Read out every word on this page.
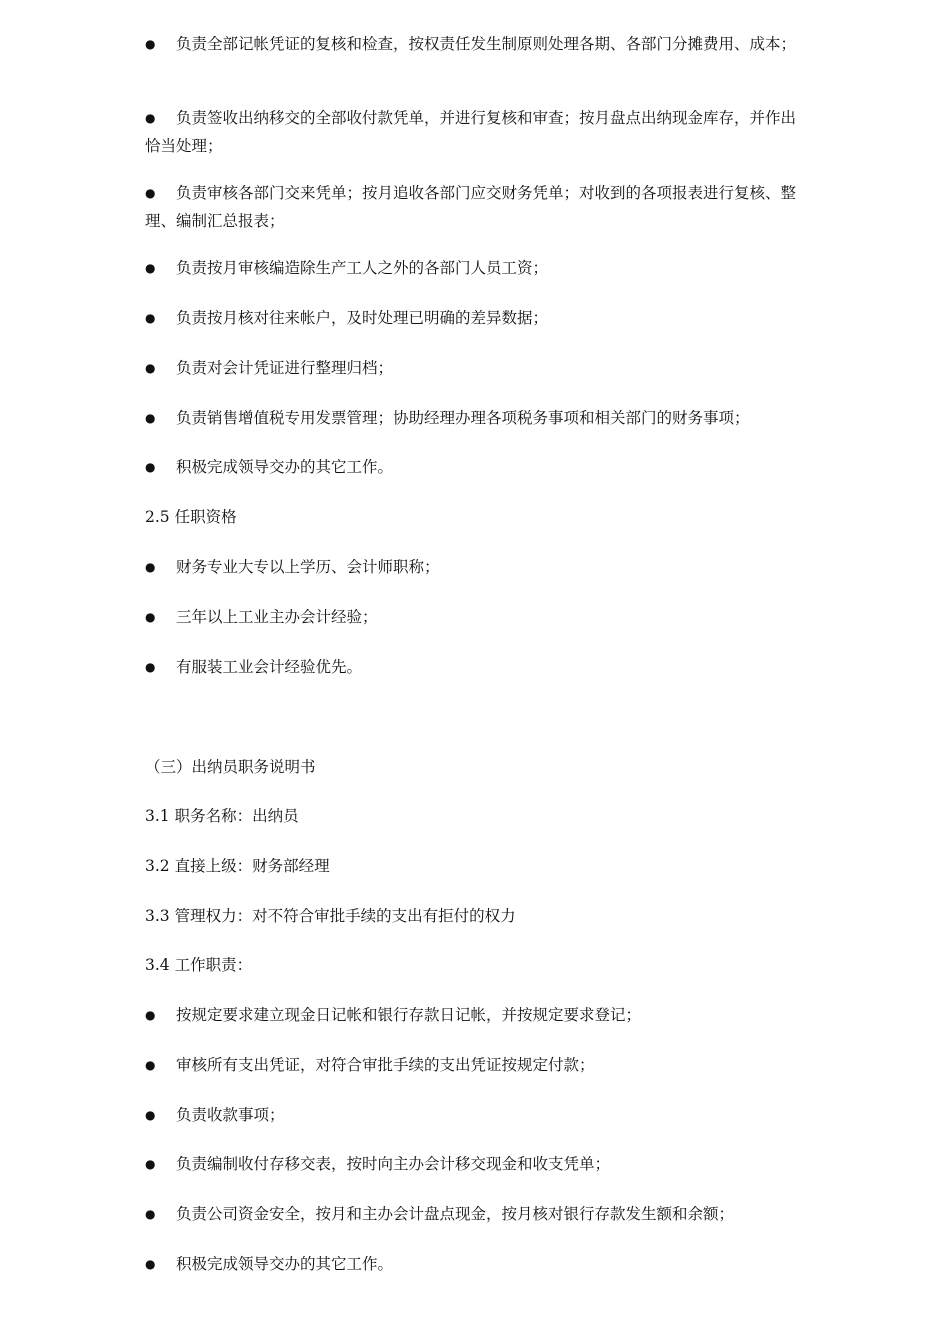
●负责全部记帐凭证的复核和检查，按权责任发生制原则处理各期、各部门分摊费用、成本；
●负责签收出纳移交的全部收付款凭单，并进行复核和审查；按月盘点出纳现金库存，并作出恰当处理；
●负责审核各部门交来凭单；按月追收各部门应交财务凭单；对收到的各项报表进行复核、整理、编制汇总报表；
●负责按月审核编造除生产工人之外的各部门人员工资；
●负责按月核对往来帐户，及时处理已明确的差异数据；
●负责对会计凭证进行整理归档；
●负责销售增值税专用发票管理；协助经理办理各项税务事项和相关部门的财务事项；
●积极完成领导交办的其它工作。
2.5 任职资格
●财务专业大专以上学历、会计师职称；
●三年以上工业主办会计经验；
●有服装工业会计经验优先。
（三）出纳员职务说明书
3.1 职务名称：出纳员
3.2 直接上级：财务部经理
3.3 管理权力：对不符合审批手续的支出有拒付的权力
3.4 工作职责：
●按规定要求建立现金日记帐和银行存款日记帐，并按规定要求登记；
●审核所有支出凭证，对符合审批手续的支出凭证按规定付款；
●负责收款事项；
●负责编制收付存移交表，按时向主办会计移交现金和收支凭单；
●负责公司资金安全，按月和主办会计盘点现金，按月核对银行存款发生额和余额；
●积极完成领导交办的其它工作。
